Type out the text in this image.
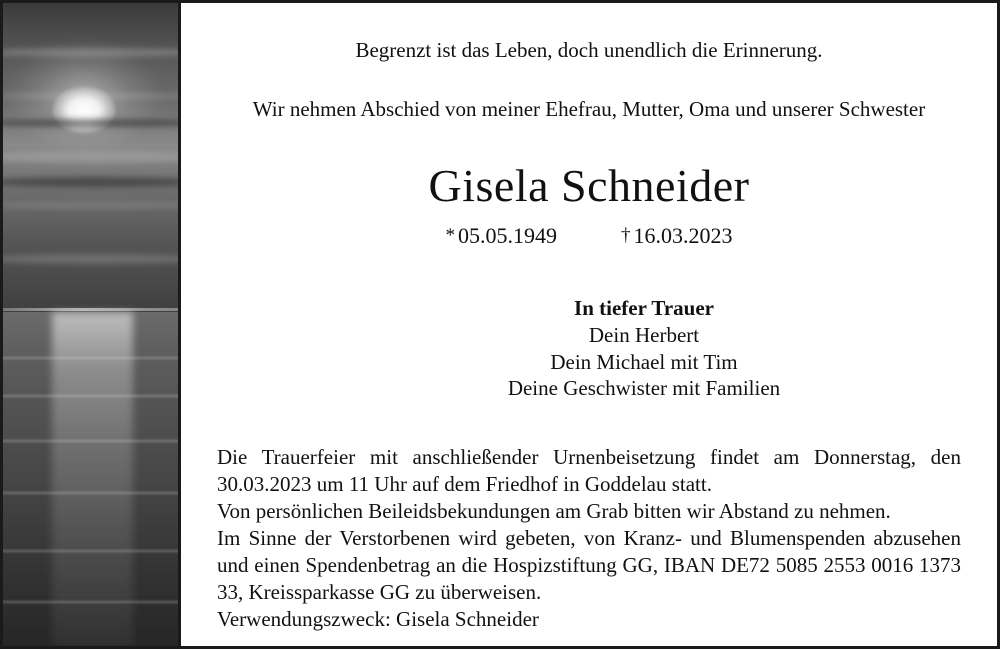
Begrenzt ist das Leben, doch unendlich die Erinnerung.
Wir nehmen Abschied von meiner Ehefrau, Mutter, Oma und unserer Schwester
Gisela Schneider
* 05.05.1949	† 16.03.2023
In tiefer Trauer
Dein Herbert
Dein Michael mit Tim
Deine Geschwister mit Familien

Die Trauerfeier mit anschließender Urnenbeisetzung findet am Donnerstag, den 30.03.2023 um 11 Uhr auf dem Friedhof in Goddelau statt.

Von persönlichen Beileidsbekundungen am Grab bitten wir Abstand zu nehmen.

Im Sinne der Verstorbenen wird gebeten, von Kranz- und Blumenspenden abzusehen und einen Spendenbetrag an die Hospizstiftung GG, IBAN DE72 5085 2553 0016 1373 33, Kreissparkasse GG zu überweisen.

Verwendungszweck: Gisela Schneider
